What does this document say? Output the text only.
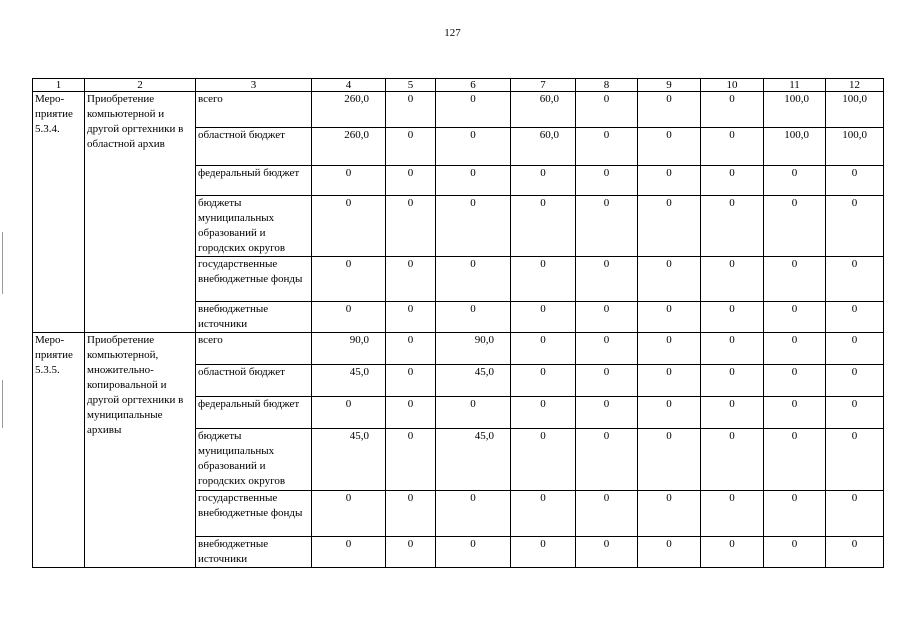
127
1	2	3	4	5	6	7	8	9	10	11	12

Меро-
приятие
5.3.4.	Приобретение компьютерной и другой оргтехники в областной архив	всего	260,0	0	0	60,0	0	0	0	100,0	100,0
		областной бюджет	260,0	0	0	60,0	0	0	0	100,0	100,0
		федеральный бюджет	0	0	0	0	0	0	0	0	0
		бюджеты муниципальных образований и городских округов	0	0	0	0	0	0	0	0	0
		государственные внебюджетные фонды	0	0	0	0	0	0	0	0	0
		внебюджетные источники	0	0	0	0	0	0	0	0	0

Меро-
приятие
5.3.5.	Приобретение компьютерной, множительно-копировальной и другой оргтехники в муниципальные архивы	всего	90,0	0	90,0	0	0	0	0	0	0
		областной бюджет	45,0	0	45,0	0	0	0	0	0	0
		федеральный бюджет	0	0	0	0	0	0	0	0	0
		бюджеты муниципальных образований и городских округов	45,0	0	45,0	0	0	0	0	0	0
		государственные внебюджетные фонды	0	0	0	0	0	0	0	0	0
		внебюджетные источники	0	0	0	0	0	0	0	0	0
